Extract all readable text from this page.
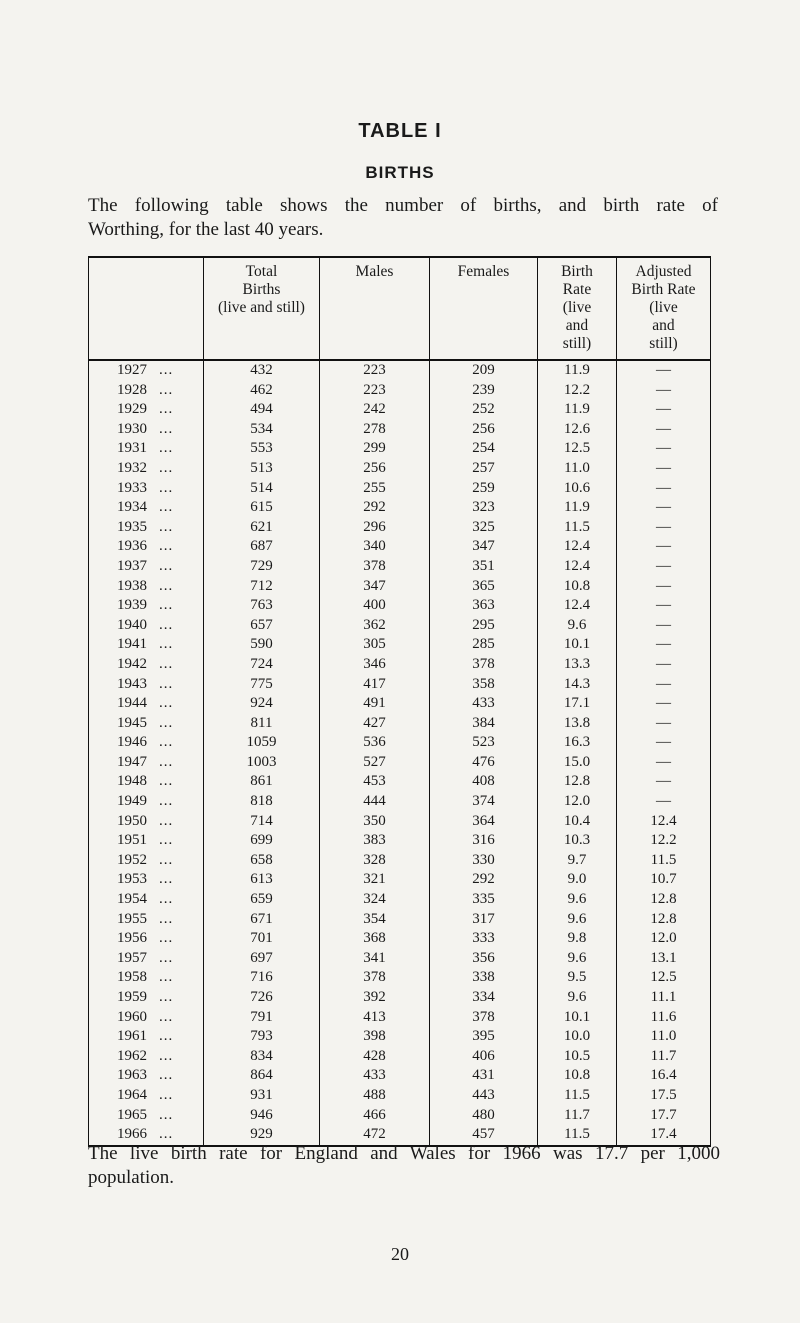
TABLE I
BIRTHS
The following table shows the number of births, and birth rate of
Worthing, for the last 40 years.
	Total
Births
(live and still)	Males	Females	Birth
Rate
(live
and
still)	Adjusted
Birth Rate
(live
and
still)
1927 ...	432	223	209	11.9	—
1928 ...	462	223	239	12.2	—
1929 ...	494	242	252	11.9	—
1930 ...	534	278	256	12.6	—
1931 ...	553	299	254	12.5	—
1932 ...	513	256	257	11.0	—
1933 ...	514	255	259	10.6	—
1934 ...	615	292	323	11.9	—
1935 ...	621	296	325	11.5	—
1936 ...	687	340	347	12.4	—
1937 ...	729	378	351	12.4	—
1938 ...	712	347	365	10.8	—
1939 ...	763	400	363	12.4	—
1940 ...	657	362	295	9.6	—
1941 ...	590	305	285	10.1	—
1942 ...	724	346	378	13.3	—
1943 ...	775	417	358	14.3	—
1944 ...	924	491	433	17.1	—
1945 ...	811	427	384	13.8	—
1946 ...	1059	536	523	16.3	—
1947 ...	1003	527	476	15.0	—
1948 ...	861	453	408	12.8	—
1949 ...	818	444	374	12.0	—
1950 ...	714	350	364	10.4	12.4
1951 ...	699	383	316	10.3	12.2
1952 ...	658	328	330	9.7	11.5
1953 ...	613	321	292	9.0	10.7
1954 ...	659	324	335	9.6	12.8
1955 ...	671	354	317	9.6	12.8
1956 ...	701	368	333	9.8	12.0
1957 ...	697	341	356	9.6	13.1
1958 ...	716	378	338	9.5	12.5
1959 ...	726	392	334	9.6	11.1
1960 ...	791	413	378	10.1	11.6
1961 ...	793	398	395	10.0	11.0
1962 ...	834	428	406	10.5	11.7
1963 ...	864	433	431	10.8	16.4
1964 ...	931	488	443	11.5	17.5
1965 ...	946	466	480	11.7	17.7
1966 ...	929	472	457	11.5	17.4
The live birth rate for England and Wales for 1966 was 17.7 per 1,000
population.
20
